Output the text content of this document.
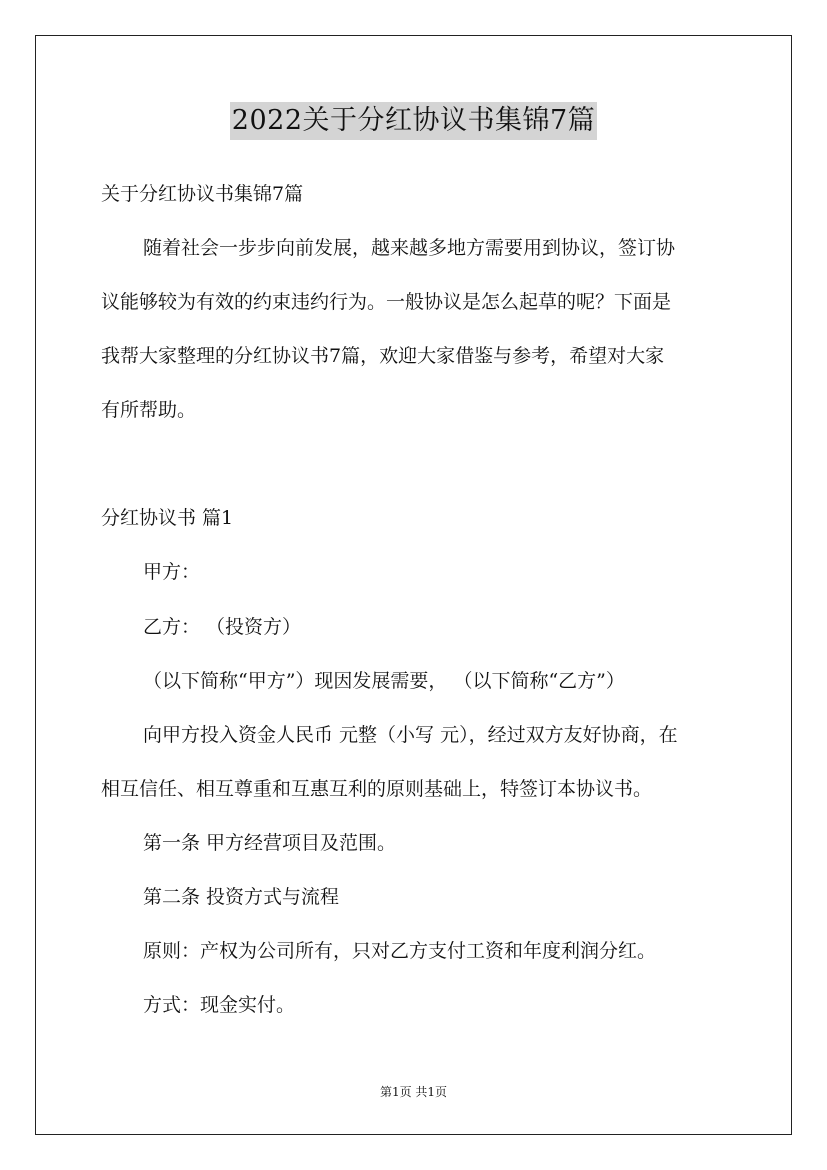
2022关于分红协议书集锦7篇
关于分红协议书集锦7篇
随着社会一步步向前发展，越来越多地方需要用到协议，签订协
议能够较为有效的约束违约行为。一般协议是怎么起草的呢？下面是
我帮大家整理的分红协议书7篇，欢迎大家借鉴与参考，希望对大家
有所帮助。
分红协议书 篇1
甲方：
乙方： （投资方）
（以下简称“甲方”）现因发展需要， （以下简称“乙方”）
向甲方投入资金人民币 元整（小写 元），经过双方友好协商，在
相互信任、相互尊重和互惠互利的原则基础上，特签订本协议书。
第一条 甲方经营项目及范围。
第二条 投资方式与流程
原则：产权为公司所有，只对乙方支付工资和年度利润分红。
方式：现金实付。
第1页 共1页
